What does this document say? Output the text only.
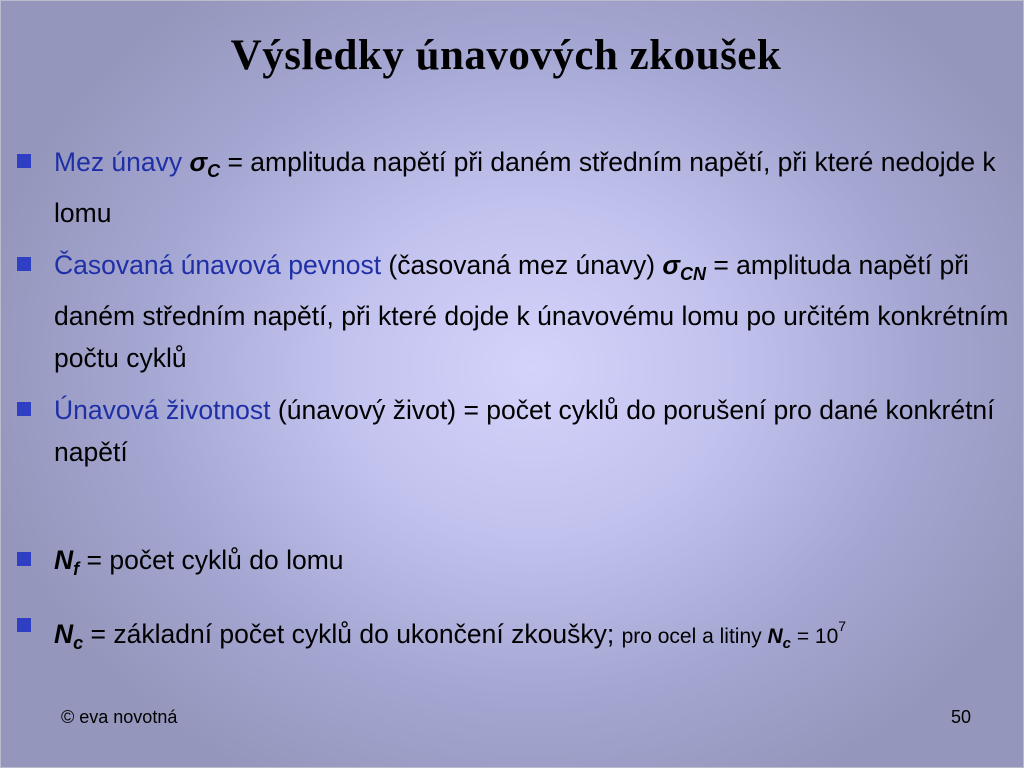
Výsledky únavových zkoušek
Mez únavy $\sigma_C$ = amplituda napětí při daném středním napětí, při které nedojde k lomu
Časovaná únavová pevnost (časovaná mez únavy) $\sigma_{CN}$ = amplituda napětí při daném středním napětí, při které dojde k únavovému lomu po určitém konkrétním počtu cyklů
Únavová životnost (únavový život) = počet cyklů do porušení pro dané konkrétní napětí
$N_f$ = počet cyklů do lomu
$N_c$ = základní počet cyklů do ukončení zkoušky; pro ocel a litiny $N_c = 10^7$
© eva novotná	50
